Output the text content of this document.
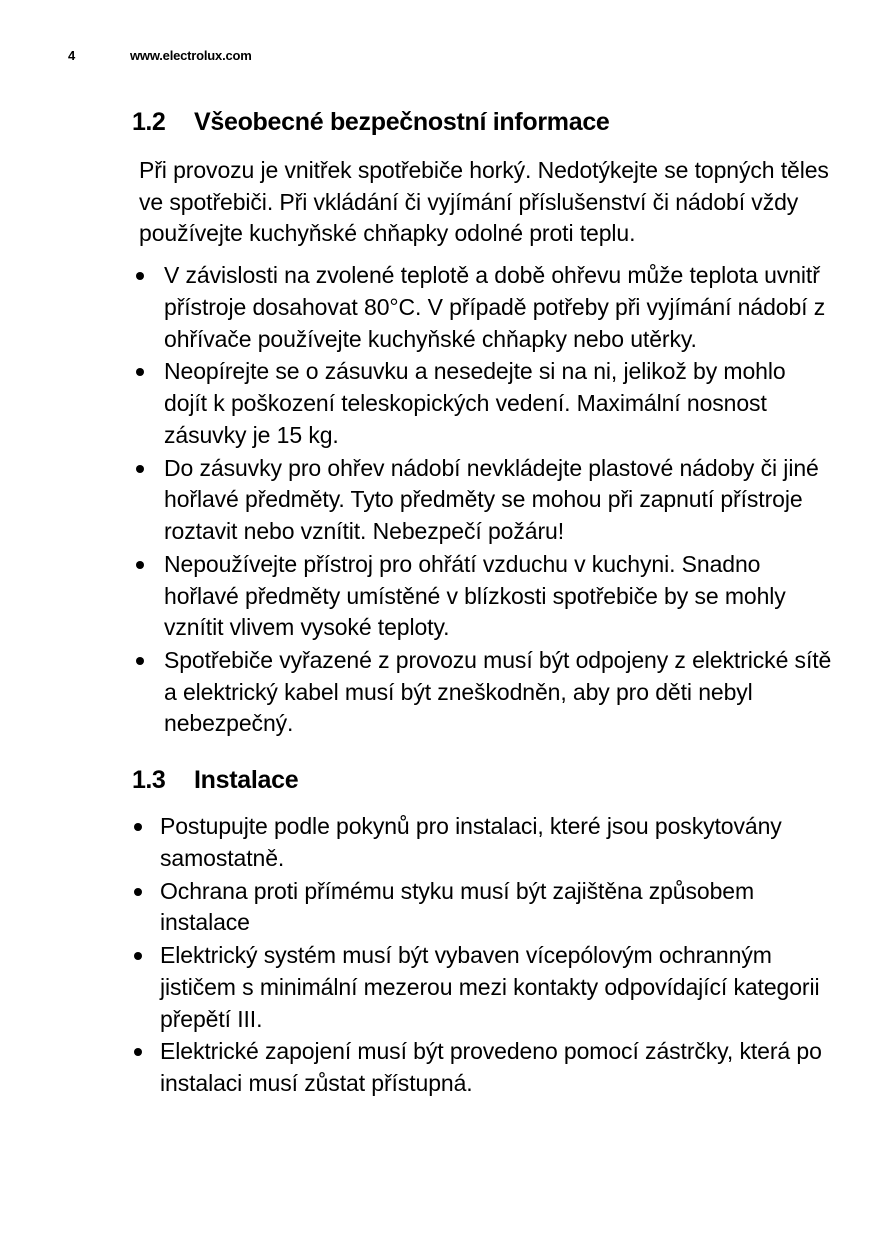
4	www.electrolux.com
1.2	Všeobecné bezpečnostní informace

Při provozu je vnitřek spotřebiče horký. Nedotýkejte se topných těles ve spotřebiči. Při vkládání či vyjímání příslušenství či nádobí vždy používejte kuchyňské chňapky odolné proti teplu.

V závislosti na zvolené teplotě a době ohřevu může teplota uvnitř přístroje dosahovat 80°C. V případě potřeby při vyjímání nádobí z ohřívače používejte kuchyňské chňapky nebo utěrky.
Neopírejte se o zásuvku a nesedejte si na ni, jelikož by mohlo dojít k poškození teleskopických vedení. Maximální nosnost zásuvky je 15 kg.
Do zásuvky pro ohřev nádobí nevkládejte plastové nádoby či jiné hořlavé předměty. Tyto předměty se mohou při zapnutí přístroje roztavit nebo vznítit. Nebezpečí požáru!
Nepoužívejte přístroj pro ohřátí vzduchu v kuchyni. Snadno hořlavé předměty umístěné v blízkosti spotřebiče by se mohly vznítit vlivem vysoké teploty.
Spotřebiče vyřazené z provozu musí být odpojeny z elektrické sítě a elektrický kabel musí být zneškodněn, aby pro děti nebyl nebezpečný.
1.3	Instalace
Postupujte podle pokynů pro instalaci, které jsou poskytovány samostatně.
Ochrana proti přímému styku musí být zajištěna způsobem instalace
Elektrický systém musí být vybaven vícepólovým ochranným jističem s minimální mezerou mezi kontakty odpovídající kategorii přepětí III.
Elektrické zapojení musí být provedeno pomocí zástrčky, která po instalaci musí zůstat přístupná.
